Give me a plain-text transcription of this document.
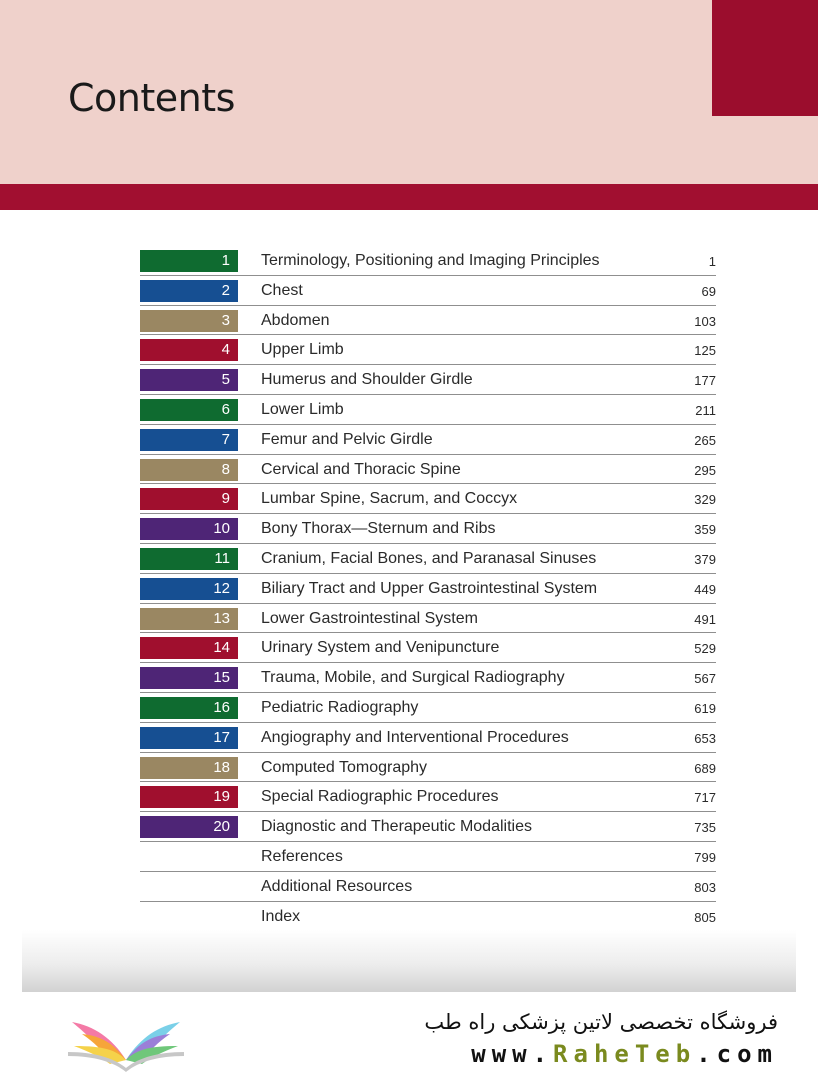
Contents
1	Terminology, Positioning and Imaging Principles	1
2	Chest	69
3	Abdomen	103
4	Upper Limb	125
5	Humerus and Shoulder Girdle	177
6	Lower Limb	211
7	Femur and Pelvic Girdle	265
8	Cervical and Thoracic Spine	295
9	Lumbar Spine, Sacrum, and Coccyx	329
10	Bony Thorax—Sternum and Ribs	359
11	Cranium, Facial Bones, and Paranasal Sinuses	379
12	Biliary Tract and Upper Gastrointestinal System	449
13	Lower Gastrointestinal System	491
14	Urinary System and Venipuncture	529
15	Trauma, Mobile, and Surgical Radiography	567
16	Pediatric Radiography	619
17	Angiography and Interventional Procedures	653
18	Computed Tomography	689
19	Special Radiographic Procedures	717
20	Diagnostic and Therapeutic Modalities	735
References	799
Additional Resources	803
Index	805
فروشگاه تخصصی لاتین پزشکی راه طب
www.RaheTeb.com
